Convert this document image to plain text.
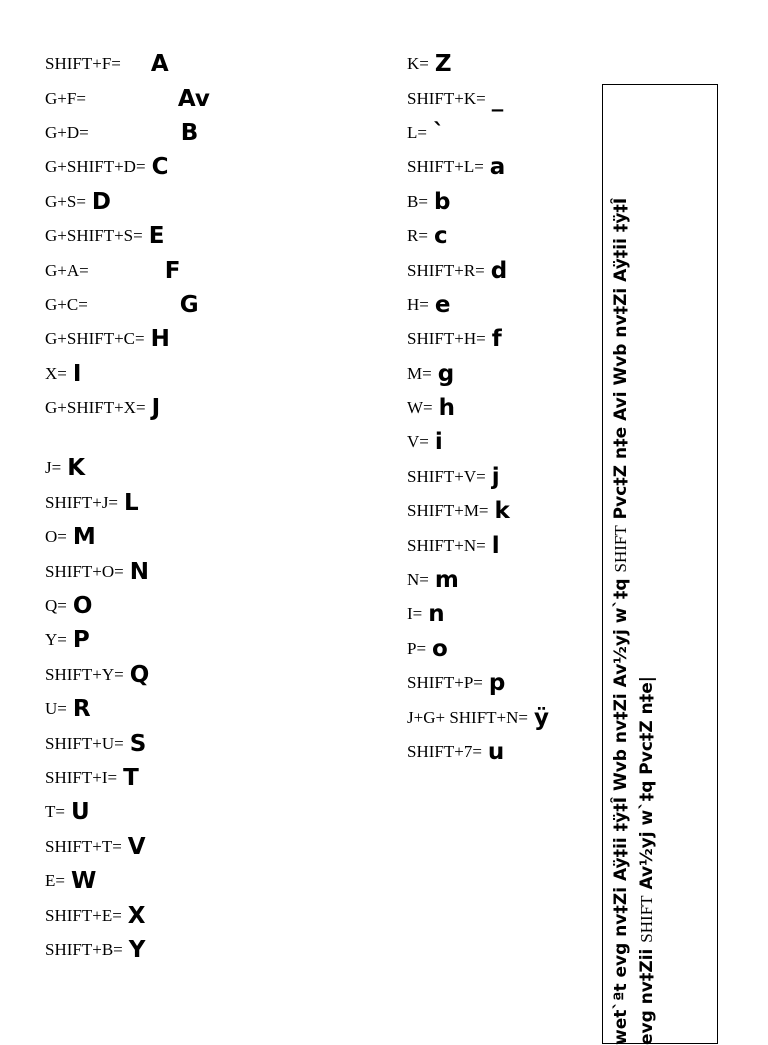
SHIFT+F= A
G+F=	Av
G+D=	B
G+SHIFT+D= C
G+S= D
G+SHIFT+S= E
G+A=	F
G+C=	G
G+SHIFT+C= H
X= I
G+SHIFT+X= J
J= K
SHIFT+J= L
O= M
SHIFT+O= N
Q= O
Y= P
SHIFT+Y= Q
U= R
SHIFT+U= S
SHIFT+I= T
T= U
SHIFT+T= V
E= W
SHIFT+E= X
SHIFT+B= Y
K= Z
SHIFT+K= _
L= `
SHIFT+L= a
B= b
R= c
SHIFT+R= d
H= e
SHIFT+H= f
M= g
W= h
V= i
SHIFT+V= j
SHIFT+M= k
SHIFT+N= l
N= m
I= n
P= o
SHIFT+P= p
J+G+ SHIFT+N= ÿ
SHIFT+7= u	wet`ªt evg nv‡Zi Aÿ‡ii ‡ÿ‡Î Wvb nv‡Zi Av½yj w`‡q SHIFT Pvc‡Z n‡e Avi Wvb nv‡Zi Aÿ‡ii ‡ÿ‡Î
evg nv‡Zii SHIFT Av½yj w`‡q Pvc‡Z n‡e|
